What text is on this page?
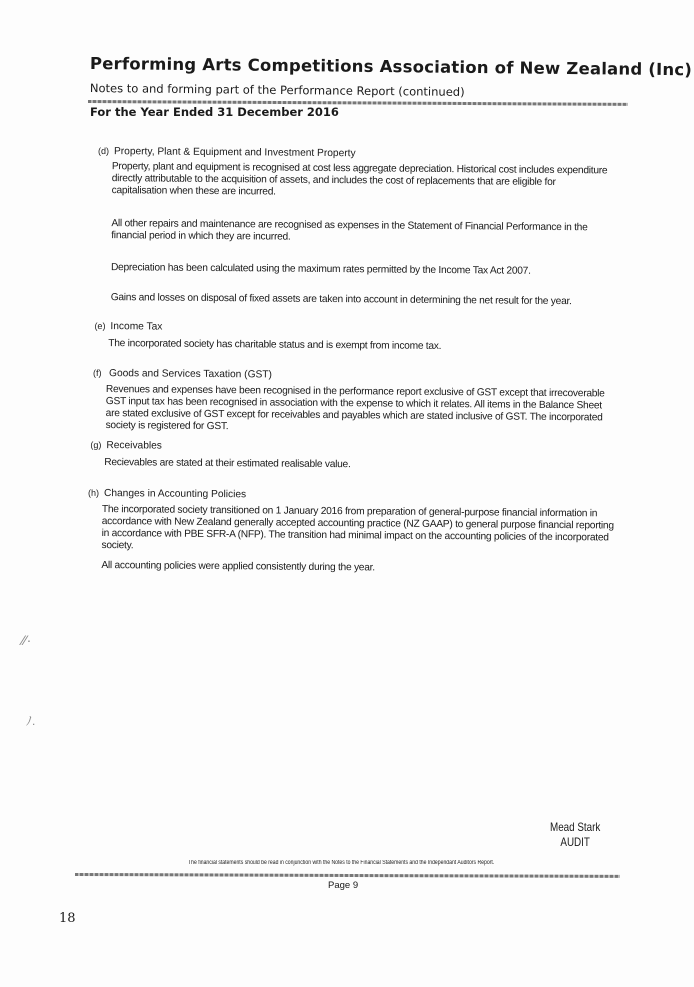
Performing Arts Competitions Association of New Zealand (Inc)
Notes to and forming part of the Performance Report (continued)
For the Year Ended 31 December 2016
(d) Property, Plant & Equipment and Investment Property
Property, plant and equipment is recognised at cost less aggregate depreciation. Historical cost includes expenditure directly attributable to the acquisition of assets, and includes the cost of replacements that are eligible for capitalisation when these are incurred.
All other repairs and maintenance are recognised as expenses in the Statement of Financial Performance in the financial period in which they are incurred.
Depreciation has been calculated using the maximum rates permitted by the Income Tax Act 2007.
Gains and losses on disposal of fixed assets are taken into account in determining the net result for the year.
(e) Income Tax
The incorporated society has charitable status and is exempt from income tax.
(f) Goods and Services Taxation (GST)
Revenues and expenses have been recognised in the performance report exclusive of GST except that irrecoverable GST input tax has been recognised in association with the expense to which it relates. All items in the Balance Sheet are stated exclusive of GST except for receivables and payables which are stated inclusive of GST. The incorporated society is registered for GST.
(g) Receivables
Recievables are stated at their estimated realisable value.
(h) Changes in Accounting Policies
The incorporated society transitioned on 1 January 2016 from preparation of general-purpose financial information in accordance with New Zealand generally accepted accounting practice (NZ GAAP) to general purpose financial reporting in accordance with PBE SFR-A (NFP). The transition had minimal impact on the accounting policies of the incorporated society.
All accounting policies were applied consistently during the year.
⁄⁄·
ﾉ.
Mead Stark
AUDIT
The financial statements should be read in conjunction with the Notes to the Financial Statements and the Independant Auditors Report.
Page 9
18
